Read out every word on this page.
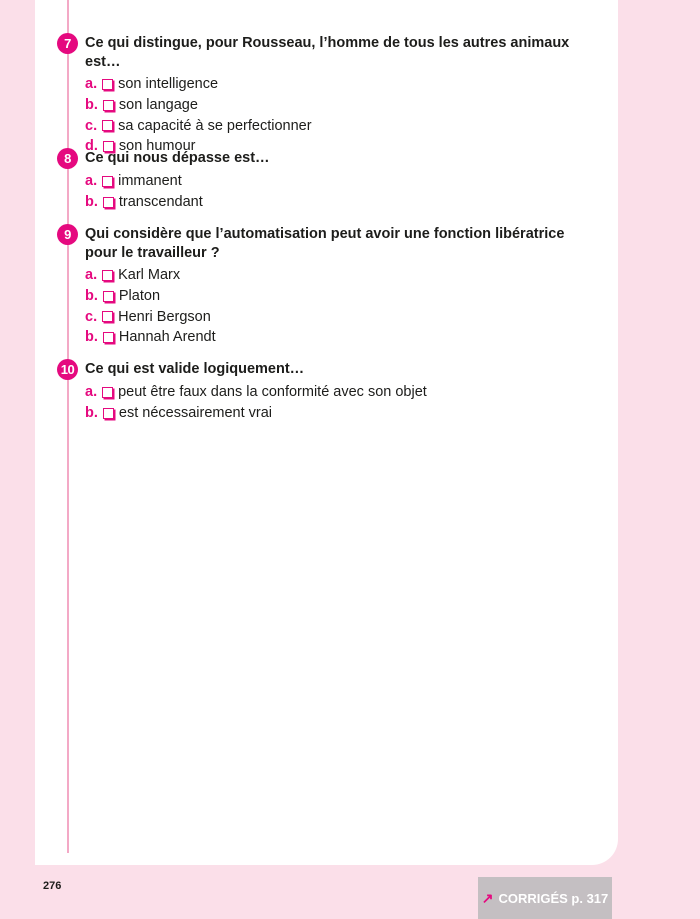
7 Ce qui distingue, pour Rousseau, l’homme de tous les autres animaux est…
a. son intelligence
b. son langage
c. sa capacité à se perfectionner
d. son humour
8 Ce qui nous dépasse est…
a. immanent
b. transcendant
9 Qui considère que l’automatisation peut avoir une fonction libératrice pour le travailleur ?
a. Karl Marx
b. Platon
c. Henri Bergson
b. Hannah Arendt
10 Ce qui est valide logiquement…
a. peut être faux dans la conformité avec son objet
b. est nécessairement vrai
276
↗ CORRIGÉS p. 317
